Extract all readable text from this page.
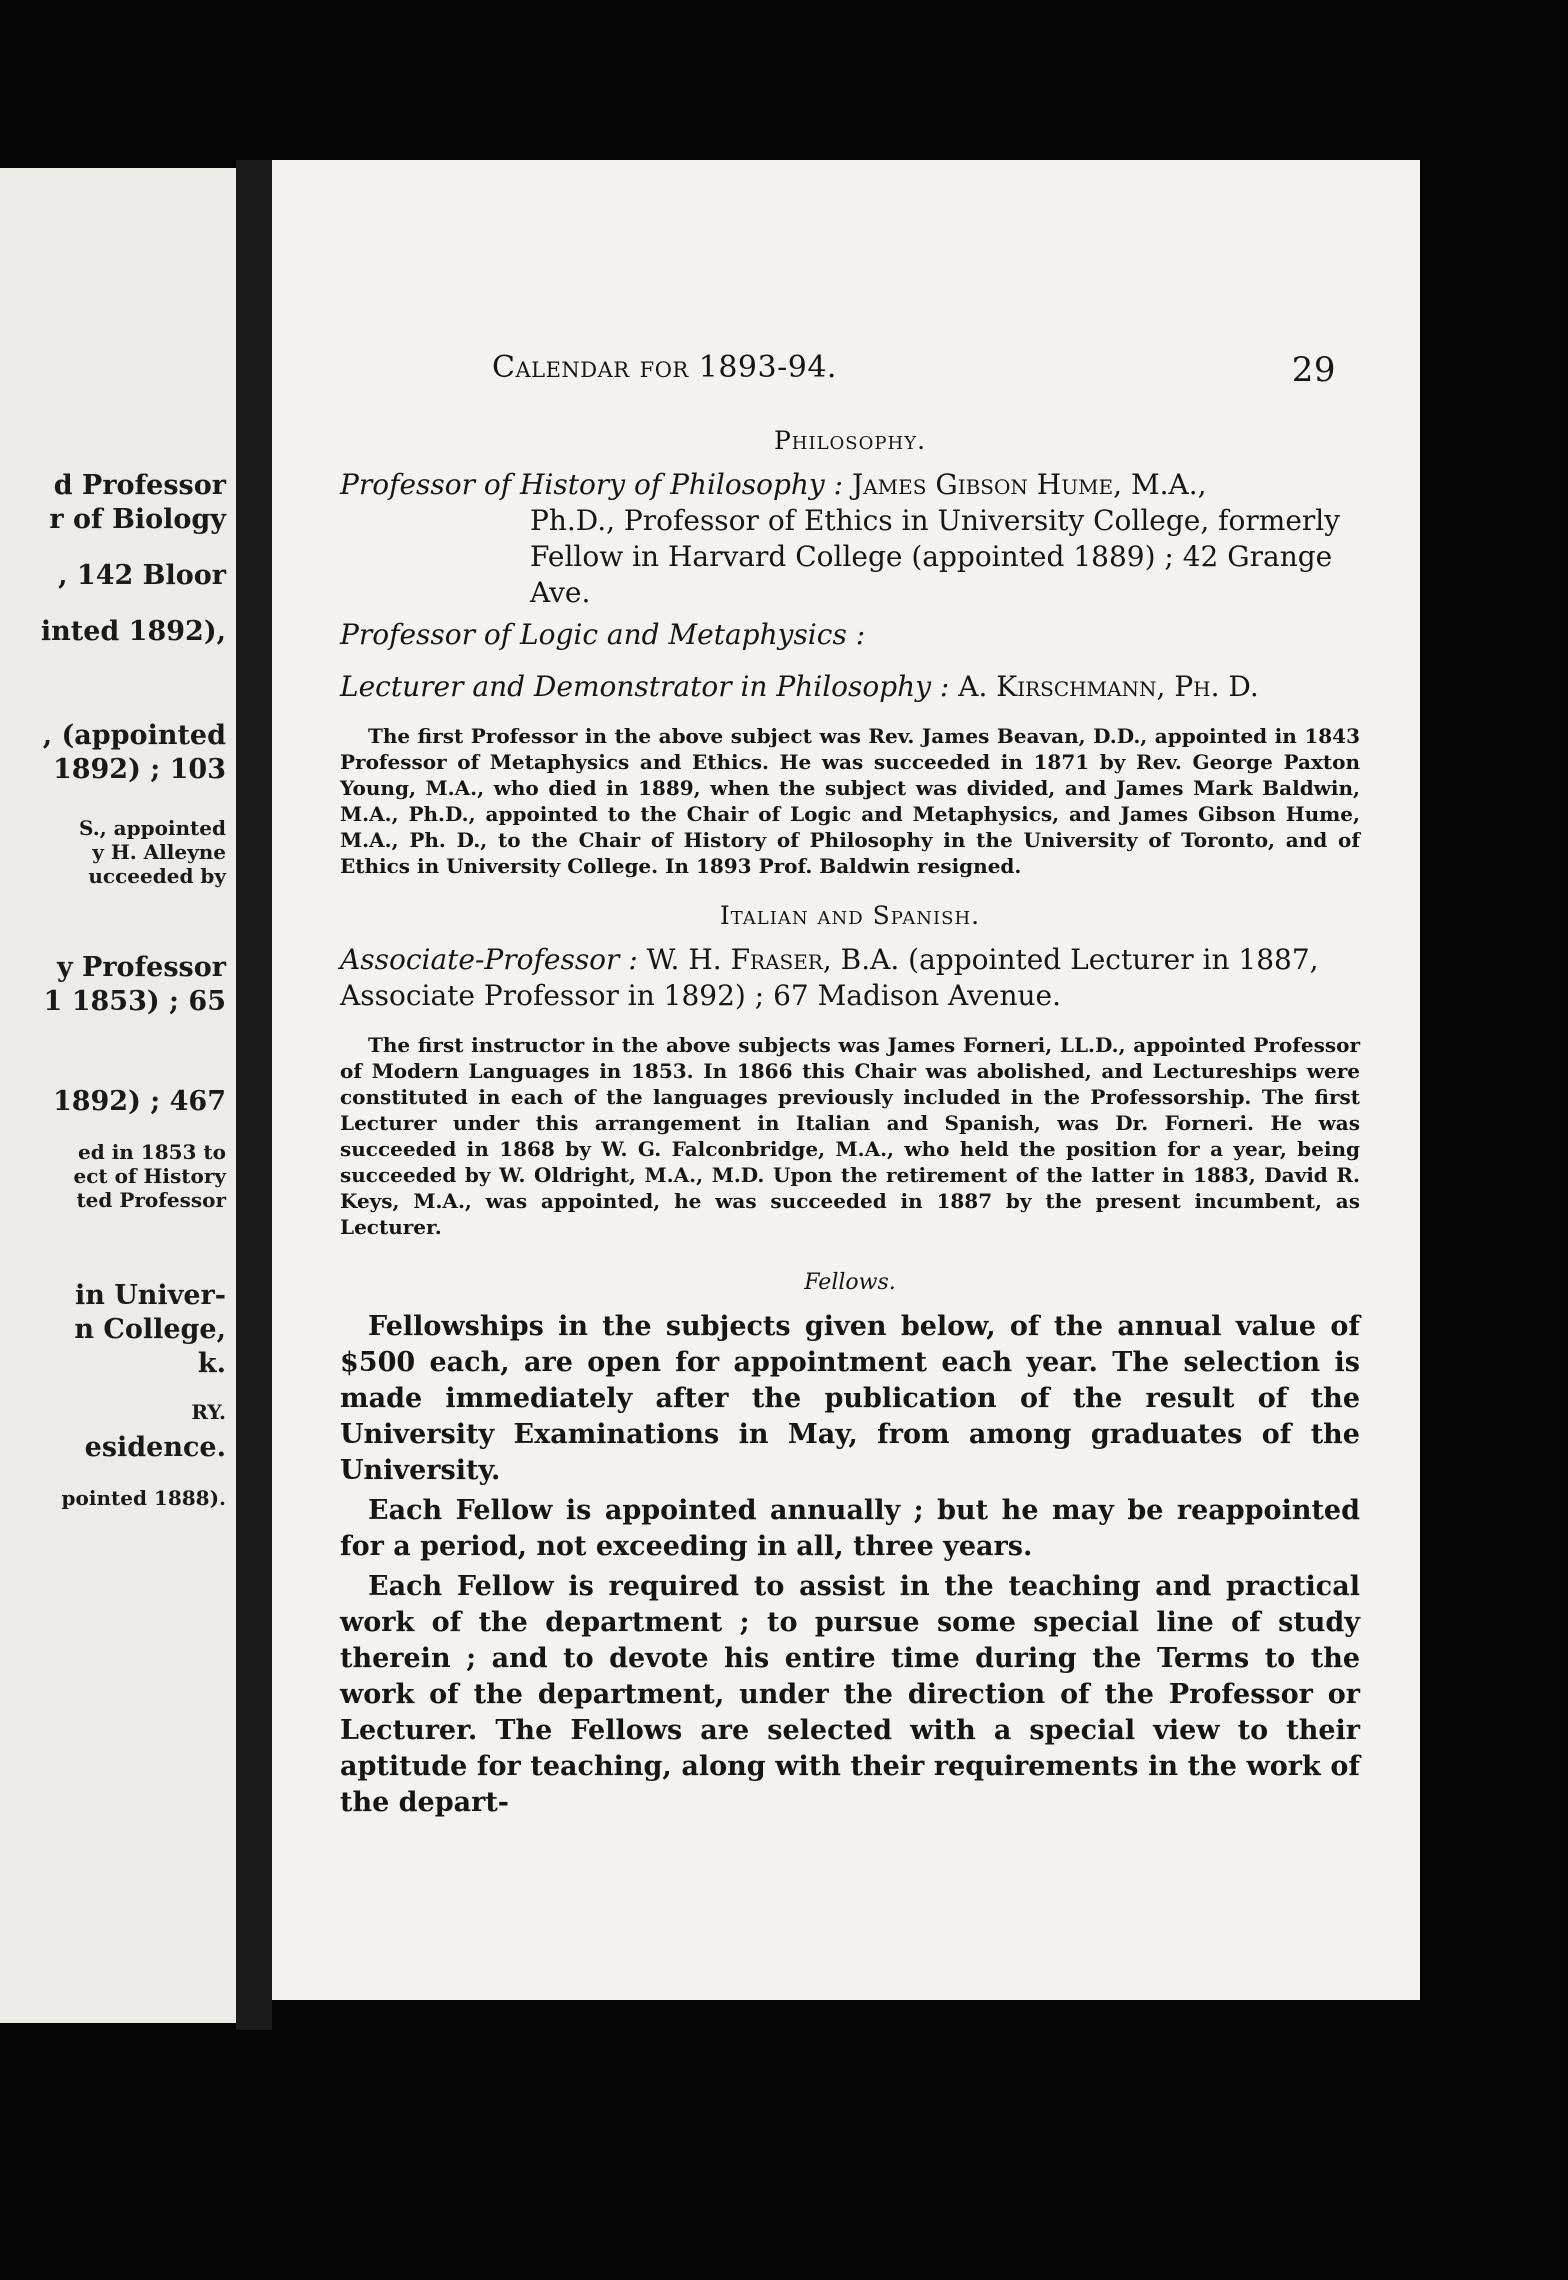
d Professor
r of Biology
, 142 Bloor
inted 1892),
, (appointed
1892) ; 103
S., appointed
y H. Alleyne
ucceeded by
y Professor
1 1853) ; 65
1892) ; 467
ed in 1853 to
ect of History
ted Professor
in Univer-
n College,
k.
RY.
esidence.
pointed 1888).
Calendar for 1893-94.	29
Philosophy.
Professor of History of Philosophy : James Gibson Hume, M.A.,
Ph.D., Professor of Ethics in University College, formerly Fellow in Harvard College (appointed 1889) ; 42 Grange Ave.
Professor of Logic and Metaphysics :
Lecturer and Demonstrator in Philosophy : A. Kirschmann, Ph. D.
The first Professor in the above subject was Rev. James Beavan, D.D., appointed in 1843 Professor of Metaphysics and Ethics. He was succeeded in 1871 by Rev. George Paxton Young, M.A., who died in 1889, when the subject was divided, and James Mark Baldwin, M.A., Ph.D., appointed to the Chair of Logic and Metaphysics, and James Gibson Hume, M.A., Ph. D., to the Chair of History of Philosophy in the University of Toronto, and of Ethics in University College. In 1893 Prof. Baldwin resigned.
Italian and Spanish.
Associate-Professor : W. H. Fraser, B.A. (appointed Lecturer in 1887, Associate Professor in 1892) ; 67 Madison Avenue.
The first instructor in the above subjects was James Forneri, LL.D., appointed Professor of Modern Languages in 1853. In 1866 this Chair was abolished, and Lectureships were constituted in each of the languages previously included in the Professorship. The first Lecturer under this arrangement in Italian and Spanish, was Dr. Forneri. He was succeeded in 1868 by W. G. Falconbridge, M.A., who held the position for a year, being succeeded by W. Oldright, M.A., M.D. Upon the retirement of the latter in 1883, David R. Keys, M.A., was appointed, he was succeeded in 1887 by the present incumbent, as Lecturer.
Fellows.

Fellowships in the subjects given below, of the annual value of $500 each, are open for appointment each year. The selection is made immediately after the publication of the result of the University Examinations in May, from among graduates of the University.

Each Fellow is appointed annually ; but he may be reappointed for a period, not exceeding in all, three years.

Each Fellow is required to assist in the teaching and practical work of the department ; to pursue some special line of study therein ; and to devote his entire time during the Terms to the work of the department, under the direction of the Professor or Lecturer. The Fellows are selected with a special view to their aptitude for teaching, along with their requirements in the work of the depart-
